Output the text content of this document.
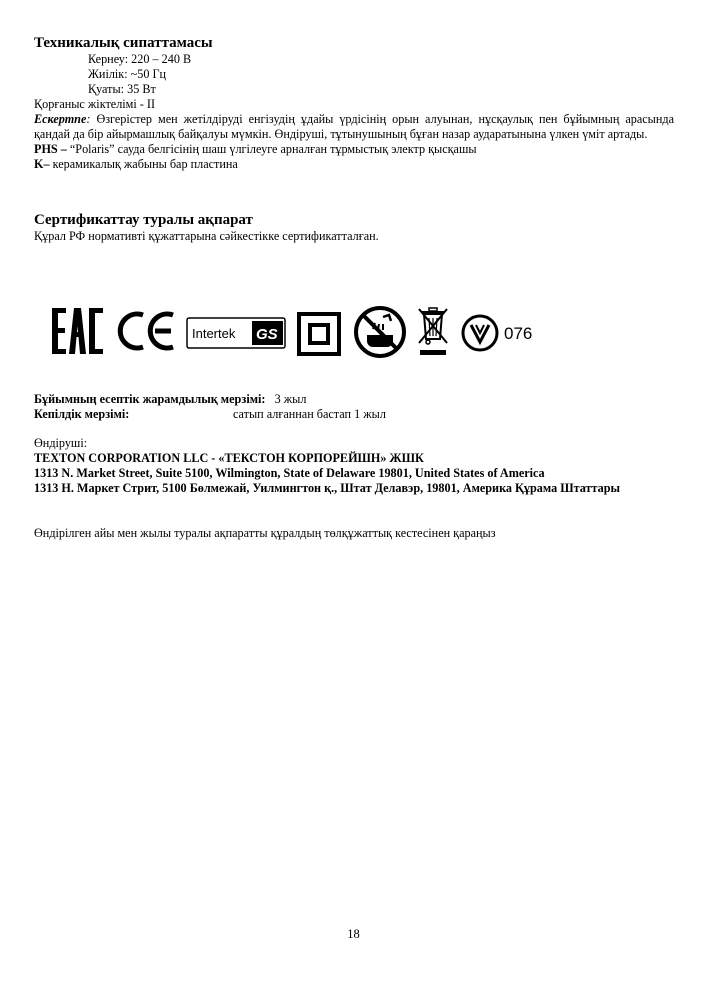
Техникалық сипаттамасы

Кернеу: 220 – 240 В

Жиілік: ~50 Гц

Қуаты: 35 Вт

Қорғаныс жіктелімі - II

Ескертпе: Өзгерістер мен жетілдіруді енгізудің ұдайы үрдісінің орын алуынан, нұсқаулық пен бұйымның арасында қандай да бір айырмашлық байқалуы мүмкін. Өндіруші, тұтынушының бұған назар аударатынына үлкен үміт артады.

PHS – “Polaris” сауда белгісінің шаш үлгілеуге арналған тұрмыстық электр қысқашы

K– керамикалық жабыны бар пластина

Сертификаттау туралы ақпарат

Құрал РФ нормативті құжаттарына сәйкестікке сертификатталған.

Intertek GS	076

Бұйымның есептік жарамдылық мерзімі: 3 жыл

Кепілдік мерзімі:	сатып алғаннан бастап 1 жыл

Өндіруші:

TEXTON CORPORATION LLC - «ТЕКСТОН КОРПОРЕЙШН» ЖШК

1313 N. Market Street, Suite 5100, Wilmington, State of Delaware 19801, United States of America

1313 Н. Маркет Стрит, 5100 Бөлмежай, Уилмингтон қ., Штат Делавэр, 19801, Америка Құрама Штаттары

Өндірілген айы мен жылы туралы ақпаратты құралдың төлқұжаттық кестесінен қараңыз

18
